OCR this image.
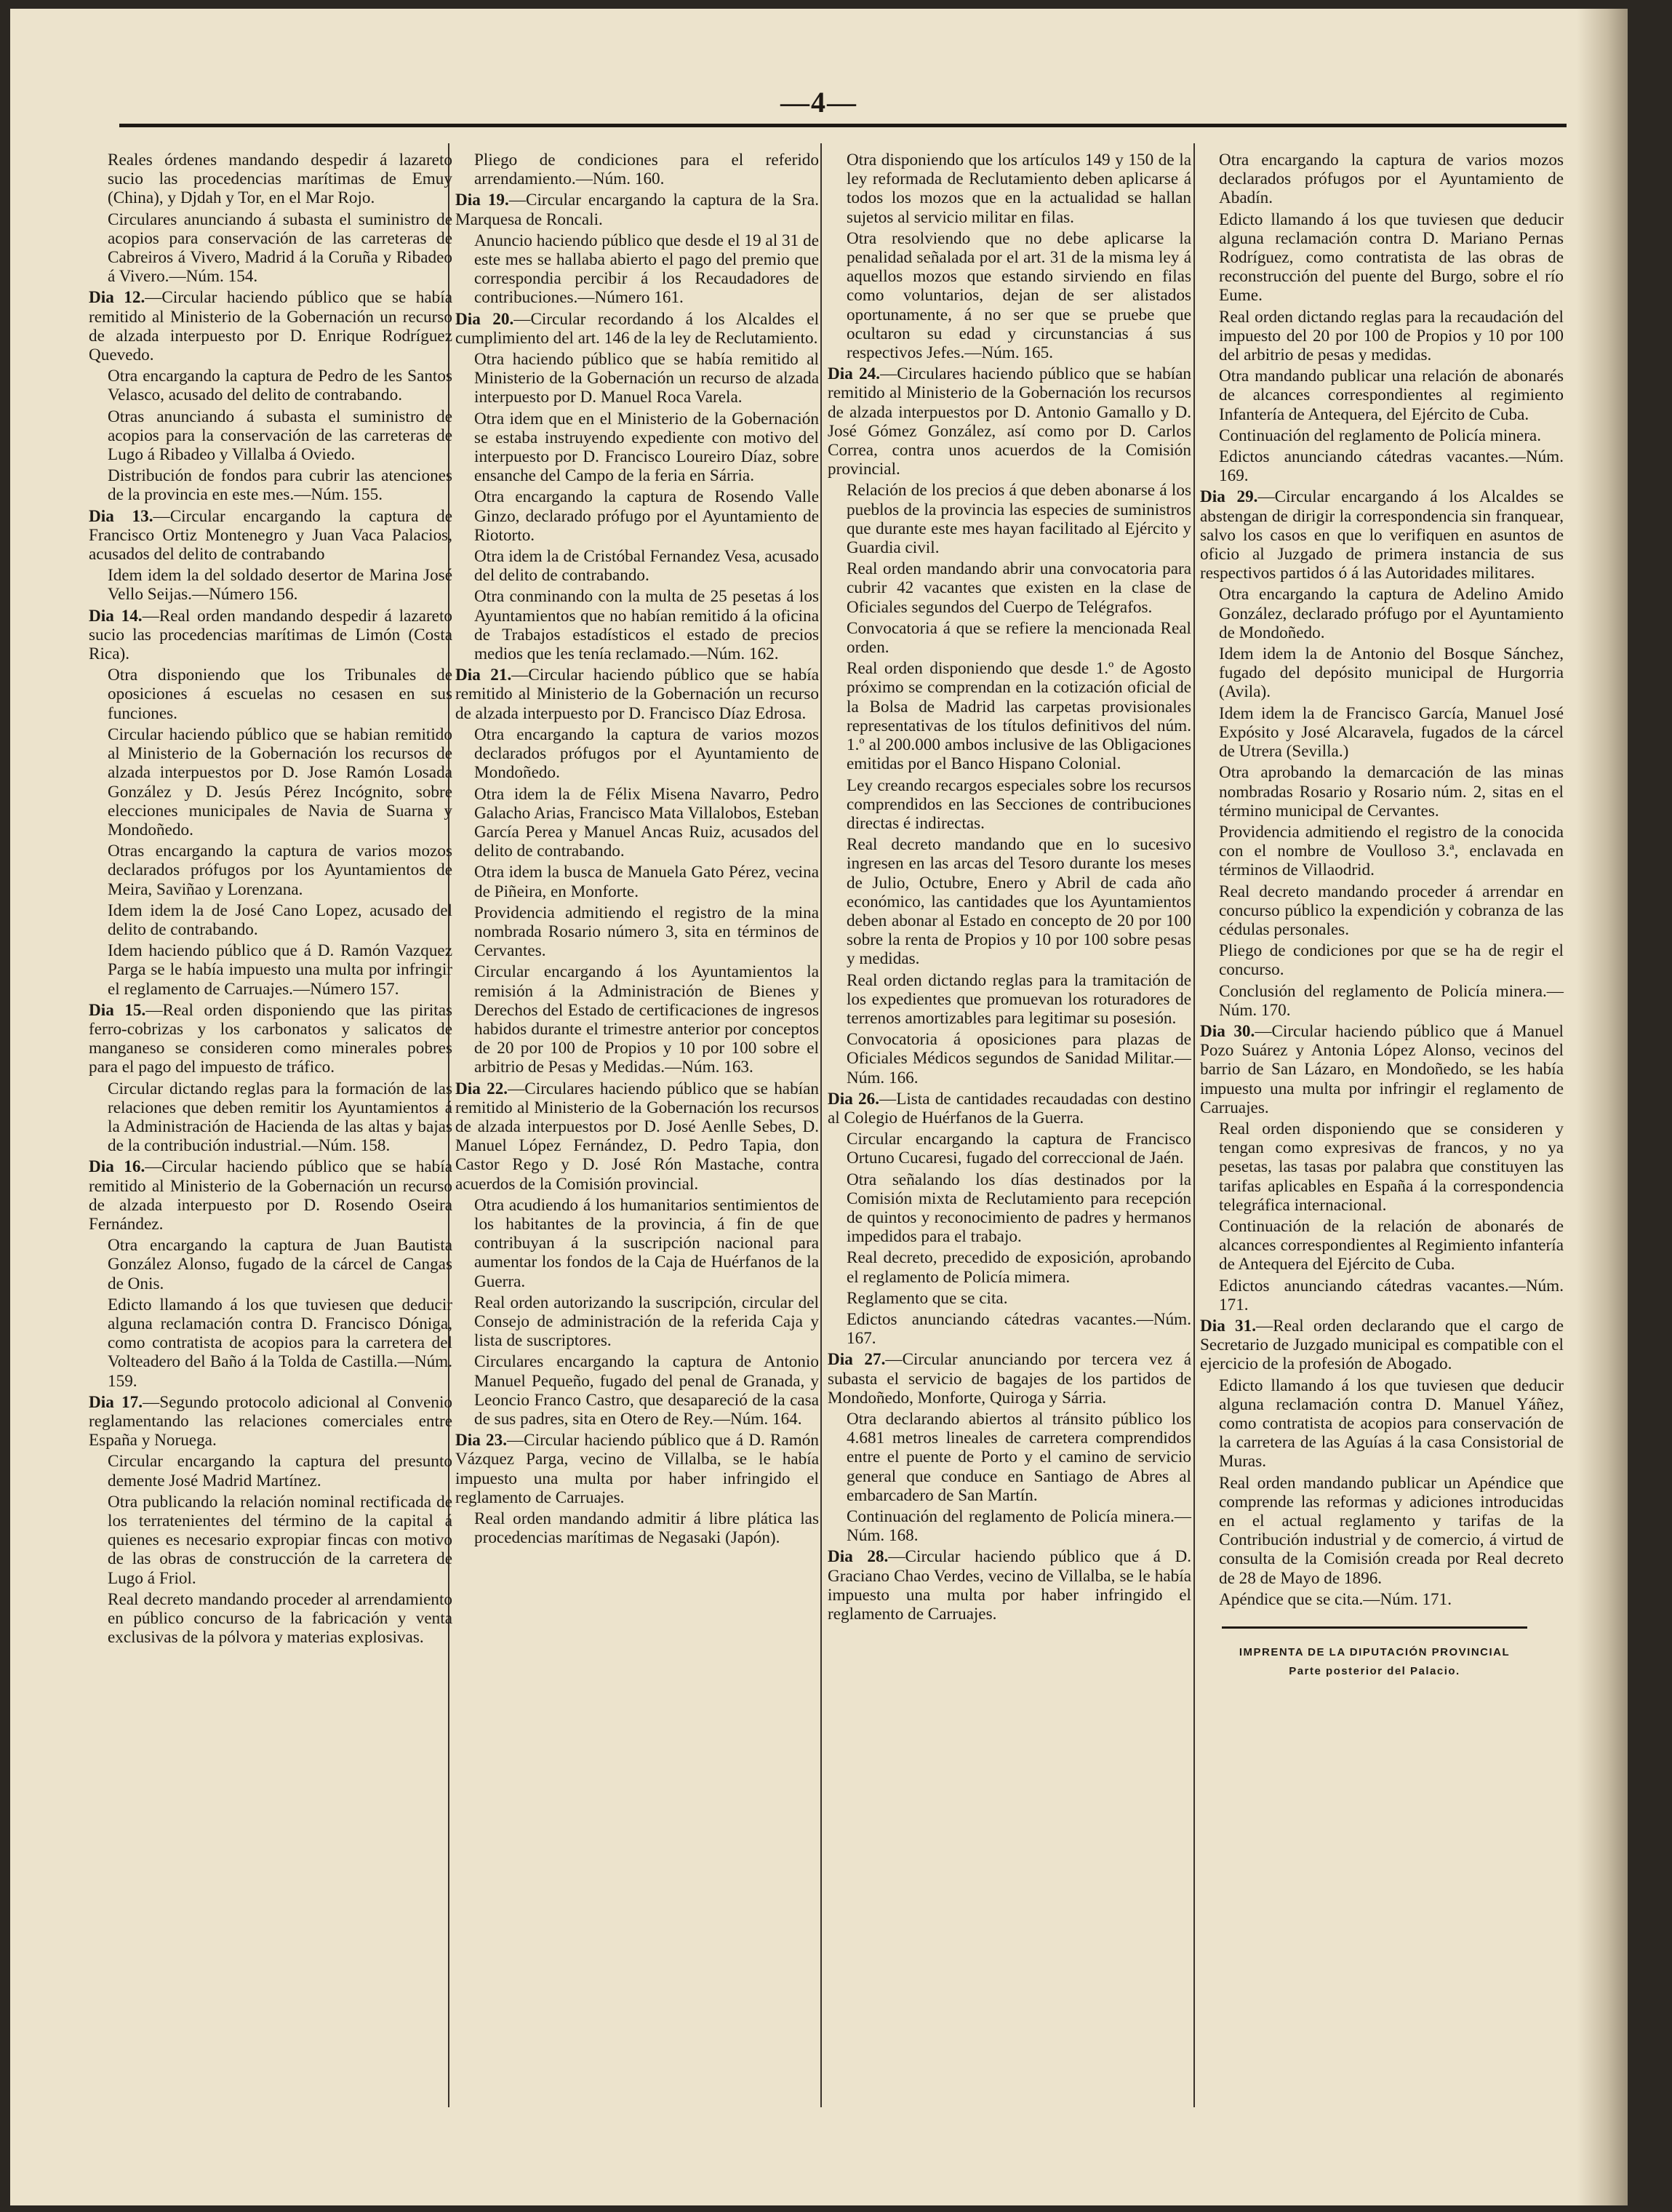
—4—

Reales órdenes mandando despedir á lazareto sucio las procedencias marítimas de Emuy (China), y Djdah y Tor, en el Mar Rojo.

Circulares anunciando á subasta el suministro de acopios para conservación de las carreteras de Cabreiros á Vivero, Madrid á la Coruña y Ribadeo á Vivero.—Núm. 154.

Dia 12.—Circular haciendo público que se había remitido al Ministerio de la Gobernación un recurso de alzada interpuesto por D. Enrique Rodríguez Quevedo.

Otra encargando la captura de Pedro de les Santos Velasco, acusado del delito de contrabando.

Otras anunciando á subasta el suministro de acopios para la conservación de las carreteras de Lugo á Ribadeo y Villalba á Oviedo.

Distribución de fondos para cubrir las atenciones de la provincia en este mes.—Núm. 155.

Dia 13.—Circular encargando la captura de Francisco Ortiz Montenegro y Juan Vaca Palacios, acusados del delito de contrabando

Idem idem la del soldado desertor de Marina José Vello Seijas.—Número 156.

Dia 14.—Real orden mandando despedir á lazareto sucio las procedencias marítimas de Limón (Costa Rica).

Otra disponiendo que los Tribunales de oposiciones á escuelas no cesasen en sus funciones.

Circular haciendo público que se habian remitido al Ministerio de la Gobernación los recursos de alzada interpuestos por D. Jose Ramón Losada González y D. Jesús Pérez Incógnito, sobre elecciones municipales de Navia de Suarna y Mondoñedo.

Otras encargando la captura de varios mozos declarados prófugos por los Ayuntamientos de Meira, Saviñao y Lorenzana.

Idem idem la de José Cano Lopez, acusado del delito de contrabando.

Idem haciendo público que á D. Ramón Vazquez Parga se le había impuesto una multa por infringir el reglamento de Carruajes.—Número 157.

Dia 15.—Real orden disponiendo que las piritas ferro-cobrizas y los carbonatos y salicatos de manganeso se consideren como minerales pobres para el pago del impuesto de tráfico.

Circular dictando reglas para la formación de las relaciones que deben remitir los Ayuntamientos á la Administración de Hacienda de las altas y bajas de la contribución industrial.—Núm. 158.

Dia 16.—Circular haciendo público que se había remitido al Ministerio de la Gobernación un recurso de alzada interpuesto por D. Rosendo Oseira Fernández.

Otra encargando la captura de Juan Bautista González Alonso, fugado de la cárcel de Cangas de Onis.

Edicto llamando á los que tuviesen que deducir alguna reclamación contra D. Francisco Dóniga, como contratista de acopios para la carretera del Volteadero del Baño á la Tolda de Castilla.—Núm. 159.

Dia 17.—Segundo protocolo adicional al Convenio reglamentando las relaciones comerciales entre España y Noruega.

Circular encargando la captura del presunto demente José Madrid Martínez.

Otra publicando la relación nominal rectificada de los terratenientes del término de la capital á quienes es necesario expropiar fincas con motivo de las obras de construcción de la carretera de Lugo á Friol.

Real decreto mandando proceder al arrendamiento en público concurso de la fabricación y venta exclusivas de la pólvora y materias explosivas.

Pliego de condiciones para el referido arrendamiento.—Núm. 160.

Dia 19.—Circular encargando la captura de la Sra. Marquesa de Roncali.

Anuncio haciendo público que desde el 19 al 31 de este mes se hallaba abierto el pago del premio que correspondia percibir á los Recaudadores de contribuciones.—Número 161.

Dia 20.—Circular recordando á los Alcaldes el cumplimiento del art. 146 de la ley de Reclutamiento.

Otra haciendo público que se había remitido al Ministerio de la Gobernación un recurso de alzada interpuesto por D. Manuel Roca Varela.

Otra idem que en el Ministerio de la Gobernación se estaba instruyendo expediente con motivo del interpuesto por D. Francisco Loureiro Díaz, sobre ensanche del Campo de la feria en Sárria.

Otra encargando la captura de Rosendo Valle Ginzo, declarado prófugo por el Ayuntamiento de Riotorto.

Otra idem la de Cristóbal Fernandez Vesa, acusado del delito de contrabando.

Otra conminando con la multa de 25 pesetas á los Ayuntamientos que no habían remitido á la oficina de Trabajos estadísticos el estado de precios medios que les tenía reclamado.—Núm. 162.

Dia 21.—Circular haciendo público que se había remitido al Ministerio de la Gobernación un recurso de alzada interpuesto por D. Francisco Díaz Edrosa.

Otra encargando la captura de varios mozos declarados prófugos por el Ayuntamiento de Mondoñedo.

Otra idem la de Félix Misena Navarro, Pedro Galacho Arias, Francisco Mata Villalobos, Esteban García Perea y Manuel Ancas Ruiz, acusados del delito de contrabando.

Otra idem la busca de Manuela Gato Pérez, vecina de Piñeira, en Monforte.

Providencia admitiendo el registro de la mina nombrada Rosario número 3, sita en términos de Cervantes.

Circular encargando á los Ayuntamientos la remisión á la Administración de Bienes y Derechos del Estado de certificaciones de ingresos habidos durante el trimestre anterior por conceptos de 20 por 100 de Propios y 10 por 100 sobre el arbitrio de Pesas y Medidas.—Núm. 163.

Dia 22.—Circulares haciendo público que se habían remitido al Ministerio de la Gobernación los recursos de alzada interpuestos por D. José Aenlle Sebes, D. Manuel López Fernández, D. Pedro Tapia, don Castor Rego y D. José Rón Mastache, contra acuerdos de la Comisión provincial.

Otra acudiendo á los humanitarios sentimientos de los habitantes de la provincia, á fin de que contribuyan á la suscripción nacional para aumentar los fondos de la Caja de Huérfanos de la Guerra.

Real orden autorizando la suscripción, circular del Consejo de administración de la referida Caja y lista de suscriptores.

Circulares encargando la captura de Antonio Manuel Pequeño, fugado del penal de Granada, y Leoncio Franco Castro, que desapareció de la casa de sus padres, sita en Otero de Rey.—Núm. 164.

Dia 23.—Circular haciendo público que á D. Ramón Vázquez Parga, vecino de Villalba, se le había impuesto una multa por haber infringido el reglamento de Carruajes.

Real orden mandando admitir á libre plática las procedencias marítimas de Negasaki (Japón).

Otra disponiendo que los artículos 149 y 150 de la ley reformada de Reclutamiento deben aplicarse á todos los mozos que en la actualidad se hallan sujetos al servicio militar en filas.

Otra resolviendo que no debe aplicarse la penalidad señalada por el art. 31 de la misma ley á aquellos mozos que estando sirviendo en filas como voluntarios, dejan de ser alistados oportunamente, á no ser que se pruebe que ocultaron su edad y circunstancias á sus respectivos Jefes.—Núm. 165.

Dia 24.—Circulares haciendo público que se habían remitido al Ministerio de la Gobernación los recursos de alzada interpuestos por D. Antonio Gamallo y D. José Gómez González, así como por D. Carlos Correa, contra unos acuerdos de la Comisión provincial.

Relación de los precios á que deben abonarse á los pueblos de la provincia las especies de suministros que durante este mes hayan facilitado al Ejército y Guardia civil.

Real orden mandando abrir una convocatoria para cubrir 42 vacantes que existen en la clase de Oficiales segundos del Cuerpo de Telégrafos.

Convocatoria á que se refiere la mencionada Real orden.

Real orden disponiendo que desde 1.º de Agosto próximo se comprendan en la cotización oficial de la Bolsa de Madrid las carpetas provisionales representativas de los títulos definitivos del núm. 1.º al 200.000 ambos inclusive de las Obligaciones emitidas por el Banco Hispano Colonial.

Ley creando recargos especiales sobre los recursos comprendidos en las Secciones de contribuciones directas é indirectas.

Real decreto mandando que en lo sucesivo ingresen en las arcas del Tesoro durante los meses de Julio, Octubre, Enero y Abril de cada año económico, las cantidades que los Ayuntamientos deben abonar al Estado en concepto de 20 por 100 sobre la renta de Propios y 10 por 100 sobre pesas y medidas.

Real orden dictando reglas para la tramitación de los expedientes que promuevan los roturadores de terrenos amortizables para legitimar su posesión.

Convocatoria á oposiciones para plazas de Oficiales Médicos segundos de Sanidad Militar.—Núm. 166.

Dia 26.—Lista de cantidades recaudadas con destino al Colegio de Huérfanos de la Guerra.

Circular encargando la captura de Francisco Ortuno Cucaresi, fugado del correccional de Jaén.

Otra señalando los días destinados por la Comisión mixta de Reclutamiento para recepción de quintos y reconocimiento de padres y hermanos impedidos para el trabajo.

Real decreto, precedido de exposición, aprobando el reglamento de Policía mimera.

Reglamento que se cita.

Edictos anunciando cátedras vacantes.—Núm. 167.

Dia 27.—Circular anunciando por tercera vez á subasta el servicio de bagajes de los partidos de Mondoñedo, Monforte, Quiroga y Sárria.

Otra declarando abiertos al tránsito público los 4.681 metros lineales de carretera comprendidos entre el puente de Porto y el camino de servicio general que conduce en Santiago de Abres al embarcadero de San Martín.

Continuación del reglamento de Policía minera.—Núm. 168.

Dia 28.—Circular haciendo público que á D. Graciano Chao Verdes, vecino de Villalba, se le había impuesto una multa por haber infringido el reglamento de Carruajes.

Otra encargando la captura de varios mozos declarados prófugos por el Ayuntamiento de Abadín.

Edicto llamando á los que tuviesen que deducir alguna reclamación contra D. Mariano Pernas Rodríguez, como contratista de las obras de reconstrucción del puente del Burgo, sobre el río Eume.

Real orden dictando reglas para la recaudación del impuesto del 20 por 100 de Propios y 10 por 100 del arbitrio de pesas y medidas.

Otra mandando publicar una relación de abonarés de alcances correspondientes al regimiento Infantería de Antequera, del Ejército de Cuba.

Continuación del reglamento de Policía minera.

Edictos anunciando cátedras vacantes.—Núm. 169.

Dia 29.—Circular encargando á los Alcaldes se abstengan de dirigir la correspondencia sin franquear, salvo los casos en que lo verifiquen en asuntos de oficio al Juzgado de primera instancia de sus respectivos partidos ó á las Autoridades militares.

Otra encargando la captura de Adelino Amido González, declarado prófugo por el Ayuntamiento de Mondoñedo.

Idem idem la de Antonio del Bosque Sánchez, fugado del depósito municipal de Hurgorria (Avila).

Idem idem la de Francisco García, Manuel José Expósito y José Alcaravela, fugados de la cárcel de Utrera (Sevilla.)

Otra aprobando la demarcación de las minas nombradas Rosario y Rosario núm. 2, sitas en el término municipal de Cervantes.

Providencia admitiendo el registro de la conocida con el nombre de Voulloso 3.ª, enclavada en términos de Villaodrid.

Real decreto mandando proceder á arrendar en concurso público la expendición y cobranza de las cédulas personales.

Pliego de condiciones por que se ha de regir el concurso.

Conclusión del reglamento de Policía minera.—Núm. 170.

Dia 30.—Circular haciendo público que á Manuel Pozo Suárez y Antonia López Alonso, vecinos del barrio de San Lázaro, en Mondoñedo, se les había impuesto una multa por infringir el reglamento de Carruajes.

Real orden disponiendo que se consideren y tengan como expresivas de francos, y no ya pesetas, las tasas por palabra que constituyen las tarifas aplicables en España á la correspondencia telegráfica internacional.

Continuación de la relación de abonarés de alcances correspondientes al Regimiento infantería de Antequera del Ejército de Cuba.

Edictos anunciando cátedras vacantes.—Núm. 171.

Dia 31.—Real orden declarando que el cargo de Secretario de Juzgado municipal es compatible con el ejercicio de la profesión de Abogado.

Edicto llamando á los que tuviesen que deducir alguna reclamación contra D. Manuel Yáñez, como contratista de acopios para conservación de la carretera de las Aguías á la casa Consistorial de Muras.

Real orden mandando publicar un Apéndice que comprende las reformas y adiciones introducidas en el actual reglamento y tarifas de la Contribución industrial y de comercio, á virtud de consulta de la Comisión creada por Real decreto de 28 de Mayo de 1896.

Apéndice que se cita.—Núm. 171.

IMPRENTA DE LA DIPUTACIÓN PROVINCIAL
Parte posterior del Palacio.
